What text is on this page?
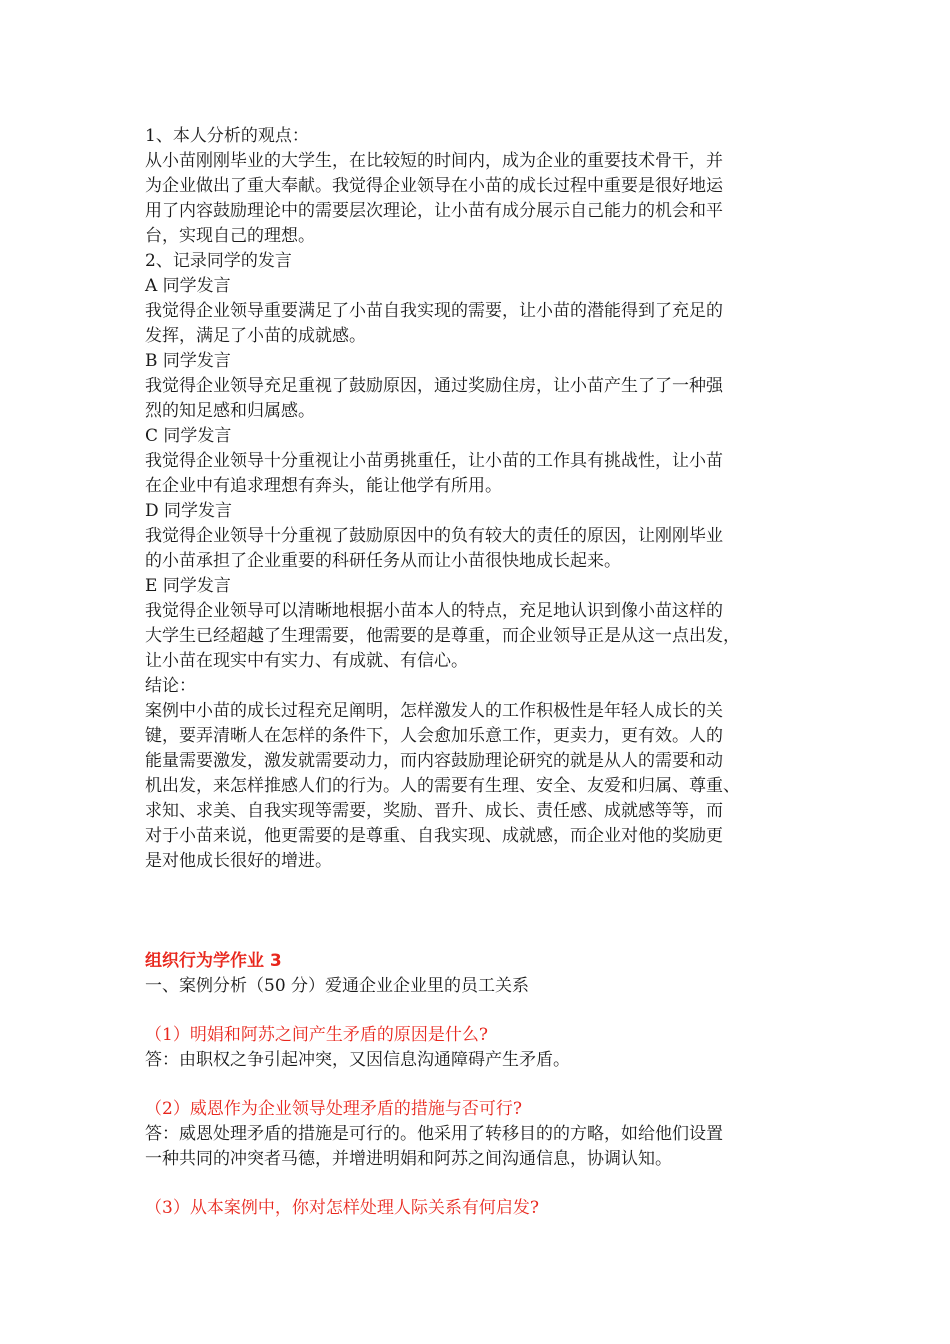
1、本人分析的观点：
从小苗刚刚毕业的大学生，在比较短的时间内，成为企业的重要技术骨干，并
为企业做出了重大奉献。我觉得企业领导在小苗的成长过程中重要是很好地运
用了内容鼓励理论中的需要层次理论，让小苗有成分展示自己能力的机会和平
台，实现自己的理想。
2、记录同学的发言
A 同学发言
我觉得企业领导重要满足了小苗自我实现的需要，让小苗的潜能得到了充足的
发挥，满足了小苗的成就感。
B 同学发言
我觉得企业领导充足重视了鼓励原因，通过奖励住房，让小苗产生了了一种强
烈的知足感和归属感。
C 同学发言
我觉得企业领导十分重视让小苗勇挑重任，让小苗的工作具有挑战性，让小苗
在企业中有追求理想有奔头，能让他学有所用。
D 同学发言
我觉得企业领导十分重视了鼓励原因中的负有较大的责任的原因，让刚刚毕业
的小苗承担了企业重要的科研任务从而让小苗很快地成长起来。
E 同学发言
我觉得企业领导可以清晰地根据小苗本人的特点，充足地认识到像小苗这样的
大学生已经超越了生理需要，他需要的是尊重，而企业领导正是从这一点出发，
让小苗在现实中有实力、有成就、有信心。
结论：
案例中小苗的成长过程充足阐明，怎样激发人的工作积极性是年轻人成长的关
键，要弄清晰人在怎样的条件下，人会愈加乐意工作，更卖力，更有效。人的
能量需要激发，激发就需要动力，而内容鼓励理论研究的就是从人的需要和动
机出发，来怎样推感人们的行为。人的需要有生理、安全、友爱和归属、尊重、
求知、求美、自我实现等需要，奖励、晋升、成长、责任感、成就感等等，而
对于小苗来说，他更需要的是尊重、自我实现、成就感，而企业对他的奖励更
是对他成长很好的增进。
组织行为学作业 3
一、案例分析（50 分）爱通企业企业里的员工关系
（1）明娟和阿苏之间产生矛盾的原因是什么?
答：由职权之争引起冲突，又因信息沟通障碍产生矛盾。
（2）威恩作为企业领导处理矛盾的措施与否可行?
答：威恩处理矛盾的措施是可行的。他采用了转移目的的方略，如给他们设置
一种共同的冲突者马德，并增进明娟和阿苏之间沟通信息，协调认知。
（3）从本案例中，你对怎样处理人际关系有何启发?
